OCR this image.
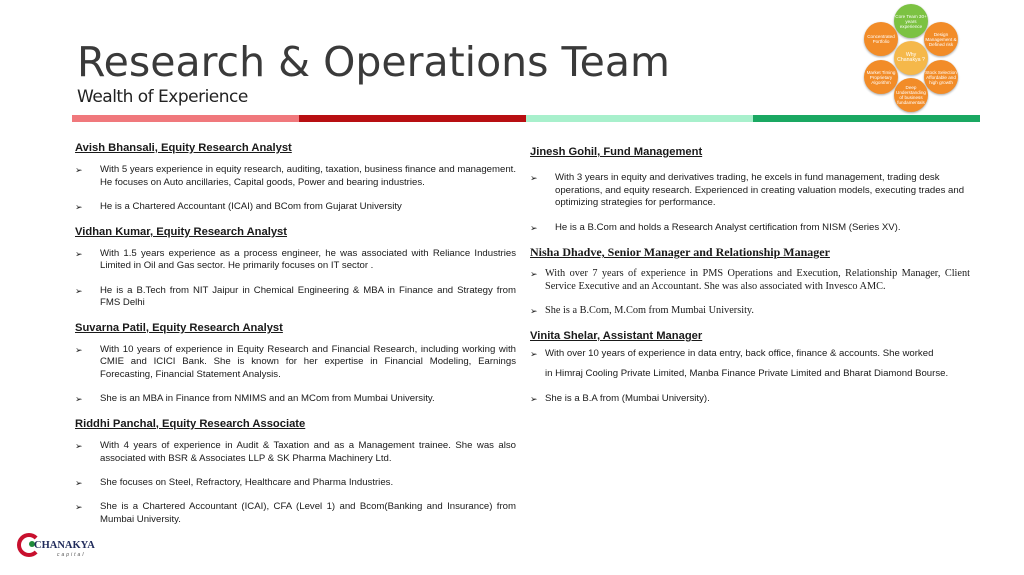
Research & Operations Team
Wealth of Experience
Core Team 30+ years experience
Concentrated Portfolio
Design Management & Defined risk
Why Chanakya ?
Market Timing Proprietary Algorithm
Stock Selection Affordable and high growth
Deep Understanding of business fundamentals
Avish Bhansali, Equity Research Analyst
➢	With 5 years experience in equity research, auditing, taxation, business finance and management. He focuses on Auto ancillaries, Capital goods, Power and bearing industries.
➢	He is a Chartered Accountant (ICAI) and BCom from Gujarat University
Vidhan Kumar, Equity Research Analyst
➢	With 1.5 years experience as a process engineer, he was associated with Reliance Industries Limited in Oil and Gas sector. He primarily focuses on IT sector .
➢	He is a B.Tech from NIT Jaipur in Chemical Engineering & MBA in Finance and Strategy from FMS Delhi
Suvarna Patil, Equity Research Analyst
➢	With 10 years of experience in Equity Research and Financial Research, including working with CMIE and ICICI Bank. She is known for her expertise in Financial Modeling, Earnings Forecasting, Financial Statement Analysis.
➢	She is an MBA in Finance from NMIMS and an MCom from Mumbai University.
Riddhi Panchal, Equity Research Associate
➢	With 4 years of experience in Audit & Taxation and as a Management trainee. She was also associated with BSR & Associates LLP & SK Pharma Machinery Ltd.
➢	She focuses on Steel, Refractory, Healthcare and Pharma Industries.
➢	She is a Chartered Accountant (ICAI), CFA (Level 1) and Bcom(Banking and Insurance) from Mumbai University.
Jinesh Gohil, Fund Management
➢	With 3 years in equity and derivatives trading, he excels in fund management, trading desk operations, and equity research. Experienced in creating valuation models, executing trades and optimizing strategies for performance.
➢	He is a B.Com and holds a Research Analyst certification from NISM (Series XV).
Nisha Dhadve, Senior Manager and Relationship Manager
➢ With over 7 years of experience in PMS Operations and Execution, Relationship Manager, Client Service Executive and an Accountant. She was also associated with Invesco AMC.
➢ She is a B.Com, M.Com from Mumbai University.
Vinita Shelar, Assistant Manager
➢ With over 10 years of experience in data entry, back office, finance & accounts. She worked
in Himraj Cooling Private Limited, Manba Finance Private Limited and Bharat Diamond Bourse.
➢ She is a B.A from (Mumbai University).
CHANAKYA
capital
